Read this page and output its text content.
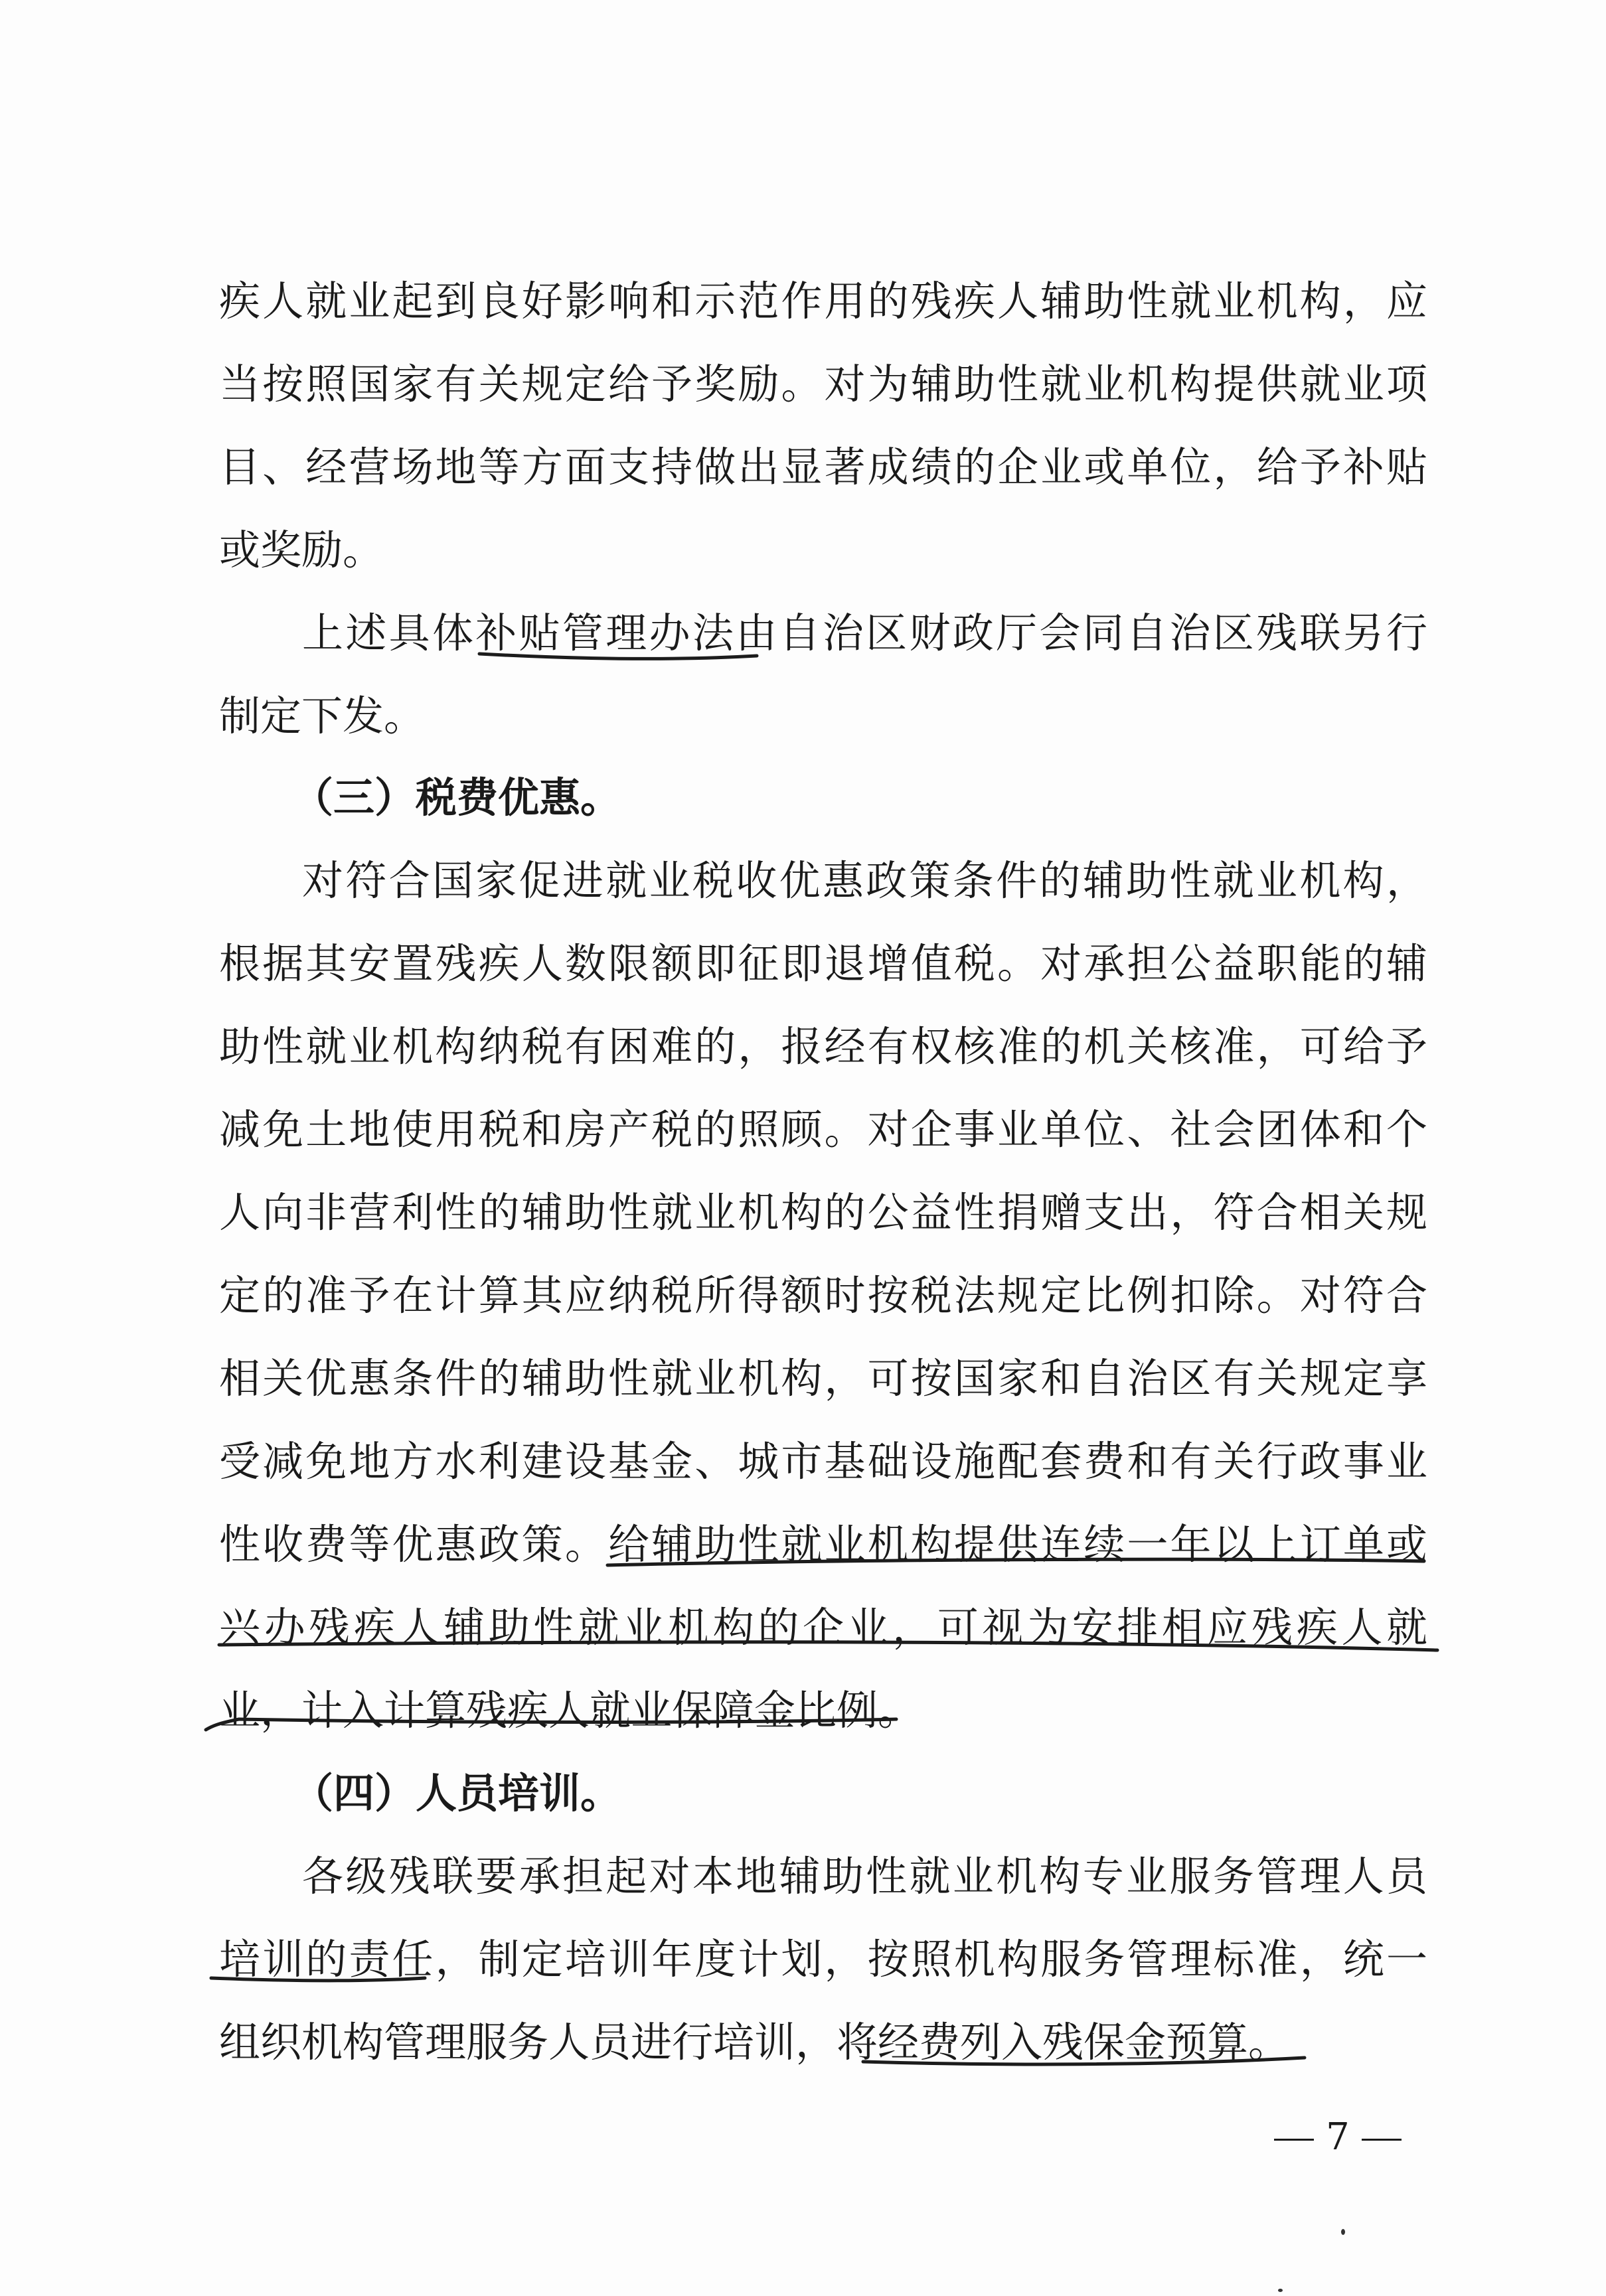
疾人就业起到良好影响和示范作用的残疾人辅助性就业机构，应
当按照国家有关规定给予奖励。对为辅助性就业机构提供就业项
目、经营场地等方面支持做出显著成绩的企业或单位，给予补贴
或奖励。
上述具体补贴管理办法由自治区财政厅会同自治区残联另行
制定下发。
（三）税费优惠。
对符合国家促进就业税收优惠政策条件的辅助性就业机构，
根据其安置残疾人数限额即征即退增值税。对承担公益职能的辅
助性就业机构纳税有困难的，报经有权核准的机关核准，可给予
减免土地使用税和房产税的照顾。对企事业单位、社会团体和个
人向非营利性的辅助性就业机构的公益性捐赠支出，符合相关规
定的准予在计算其应纳税所得额时按税法规定比例扣除。对符合
相关优惠条件的辅助性就业机构，可按国家和自治区有关规定享
受减免地方水利建设基金、城市基础设施配套费和有关行政事业
性收费等优惠政策。给辅助性就业机构提供连续一年以上订单或
兴办残疾人辅助性就业机构的企业，可视为安排相应残疾人就
业，计入计算残疾人就业保障金比例。
（四）人员培训。
各级残联要承担起对本地辅助性就业机构专业服务管理人员
培训的责任，制定培训年度计划，按照机构服务管理标准，统一
组织机构管理服务人员进行培训，将经费列入残保金预算。
7
